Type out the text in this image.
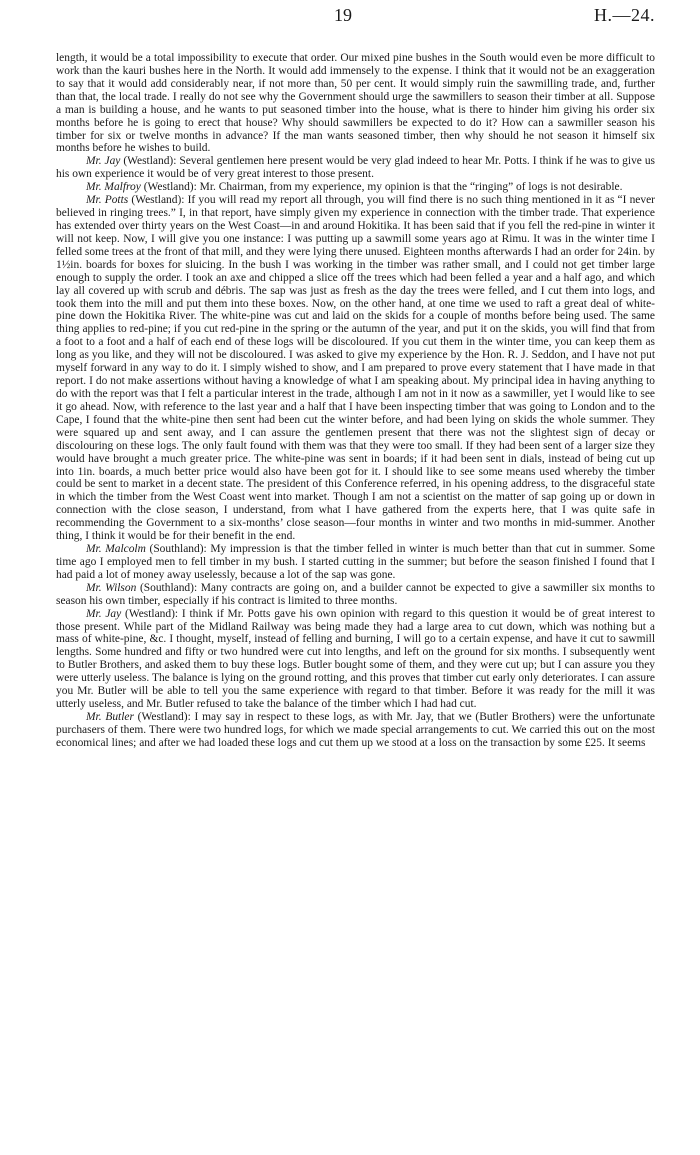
19	H.—24.

length, it would be a total impossibility to execute that order. Our mixed pine bushes in the South would even be more difficult to work than the kauri bushes here in the North. It would add immensely to the expense. I think that it would not be an exaggeration to say that it would add considerably near, if not more than, 50 per cent. It would simply ruin the sawmilling trade, and, further than that, the local trade. I really do not see why the Government should urge the sawmillers to season their timber at all. Suppose a man is building a house, and he wants to put seasoned timber into the house, what is there to hinder him giving his order six months before he is going to erect that house? Why should sawmillers be expected to do it? How can a sawmiller season his timber for six or twelve months in advance? If the man wants seasoned timber, then why should he not season it himself six months before he wishes to build.

Mr. Jay (Westland): Several gentlemen here present would be very glad indeed to hear Mr. Potts. I think if he was to give us his own experience it would be of very great interest to those present.

Mr. Malfroy (Westland): Mr. Chairman, from my experience, my opinion is that the “ringing” of logs is not desirable.

Mr. Potts (Westland): If you will read my report all through, you will find there is no such thing mentioned in it as “I never believed in ringing trees.” I, in that report, have simply given my experience in connection with the timber trade. That experience has extended over thirty years on the West Coast—in and around Hokitika. It has been said that if you fell the red-pine in winter it will not keep. Now, I will give you one instance: I was putting up a sawmill some years ago at Rimu. It was in the winter time I felled some trees at the front of that mill, and they were lying there unused. Eighteen months afterwards I had an order for 24in. by 1½in. boards for boxes for sluicing. In the bush I was working in the timber was rather small, and I could not get timber large enough to supply the order. I took an axe and chipped a slice off the trees which had been felled a year and a half ago, and which lay all covered up with scrub and débris. The sap was just as fresh as the day the trees were felled, and I cut them into logs, and took them into the mill and put them into these boxes. Now, on the other hand, at one time we used to raft a great deal of white-pine down the Hokitika River. The white-pine was cut and laid on the skids for a couple of months before being used. The same thing applies to red-pine; if you cut red-pine in the spring or the autumn of the year, and put it on the skids, you will find that from a foot to a foot and a half of each end of these logs will be discoloured. If you cut them in the winter time, you can keep them as long as you like, and they will not be discoloured. I was asked to give my experience by the Hon. R. J. Seddon, and I have not put myself forward in any way to do it. I simply wished to show, and I am prepared to prove every statement that I have made in that report. I do not make assertions without having a knowledge of what I am speaking about. My principal idea in having anything to do with the report was that I felt a particular interest in the trade, although I am not in it now as a sawmiller, yet I would like to see it go ahead. Now, with reference to the last year and a half that I have been inspecting timber that was going to London and to the Cape, I found that the white-pine then sent had been cut the winter before, and had been lying on skids the whole summer. They were squared up and sent away, and I can assure the gentlemen present that there was not the slightest sign of decay or discolouring on these logs. The only fault found with them was that they were too small. If they had been sent of a larger size they would have brought a much greater price. The white-pine was sent in boards; if it had been sent in dials, instead of being cut up into 1in. boards, a much better price would also have been got for it. I should like to see some means used whereby the timber could be sent to market in a decent state. The president of this Conference referred, in his opening address, to the disgraceful state in which the timber from the West Coast went into market. Though I am not a scientist on the matter of sap going up or down in connection with the close season, I understand, from what I have gathered from the experts here, that I was quite safe in recommending the Government to a six-months’ close season—four months in winter and two months in mid-summer. Another thing, I think it would be for their benefit in the end.

Mr. Malcolm (Southland): My impression is that the timber felled in winter is much better than that cut in summer. Some time ago I employed men to fell timber in my bush. I started cutting in the summer; but before the season finished I found that I had paid a lot of money away uselessly, because a lot of the sap was gone.

Mr. Wilson (Southland): Many contracts are going on, and a builder cannot be expected to give a sawmiller six months to season his own timber, especially if his contract is limited to three months.

Mr. Jay (Westland): I think if Mr. Potts gave his own opinion with regard to this question it would be of great interest to those present. While part of the Midland Railway was being made they had a large area to cut down, which was nothing but a mass of white-pine, &c. I thought, myself, instead of felling and burning, I will go to a certain expense, and have it cut to sawmill lengths. Some hundred and fifty or two hundred were cut into lengths, and left on the ground for six months. I subsequently went to Butler Brothers, and asked them to buy these logs. Butler bought some of them, and they were cut up; but I can assure you they were utterly useless. The balance is lying on the ground rotting, and this proves that timber cut early only deteriorates. I can assure you Mr. Butler will be able to tell you the same experience with regard to that timber. Before it was ready for the mill it was utterly useless, and Mr. Butler refused to take the balance of the timber which I had had cut.

Mr. Butler (Westland): I may say in respect to these logs, as with Mr. Jay, that we (Butler Brothers) were the unfortunate purchasers of them. There were two hundred logs, for which we made special arrangements to cut. We carried this out on the most economical lines; and after we had loaded these logs and cut them up we stood at a loss on the transaction by some £25. It seems
